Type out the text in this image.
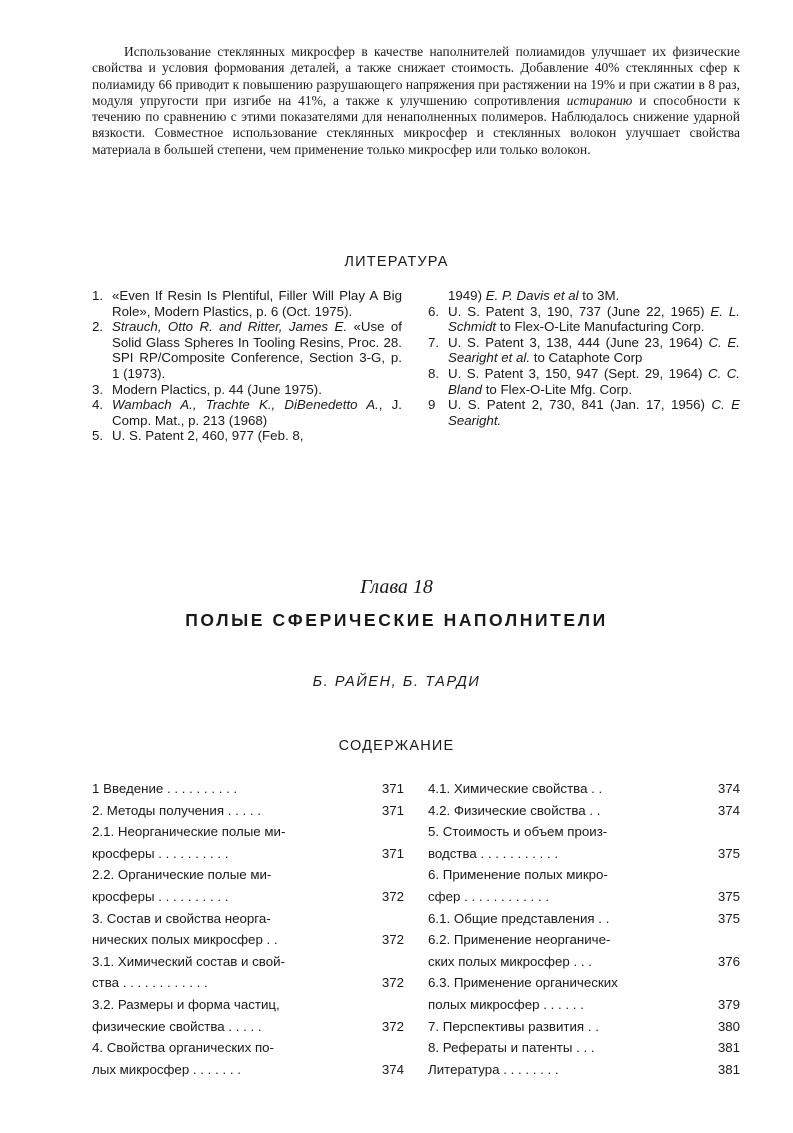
Использование стеклянных микросфер в качестве наполнителей полиамидов улучшает их физические свойства и условия формования деталей, а также снижает стоимость. Добавление 40% стеклянных сфер к полиамиду 66 приводит к повышению разрушающего напряжения при растяжении на 19% и при сжатии в 8 раз, модуля упругости при изгибе на 41%, а также к улучшению сопротивления истиранию и способности к течению по сравнению с этими показателями для ненаполненных полимеров. Наблюдалось снижение ударной вязкости. Совместное использование стеклянных микросфер и стеклянных волокон улучшает свойства материала в большей степени, чем применение только микросфер или только волокон.
ЛИТЕРАТУРА
1. «Even If Resin Is Plentiful, Filler Will Play A Big Role», Modern Plastics, p. 6 (Oct. 1975).
2. Strauch, Otto R. and Ritter, James E. «Use of Solid Glass Spheres In Tooling Resins, Proc. 28. SPI RP/Composite Conference, Section 3-G, p. 1 (1973).
3. Modern Plactics, p. 44 (June 1975).
4. Wambach A., Trachte K., DiBenedetto A., J. Comp. Mat., p. 213 (1968)
5. U. S. Patent 2, 460, 977 (Feb. 8,
1949) E. P. Davis et al to 3M.
6. U. S. Patent 3, 190, 737 (June 22, 1965) E. L. Schmidt to Flex-O-Lite Manufacturing Corp.
7. U. S. Patent 3, 138, 444 (June 23, 1964) C. E. Searight et al. to Cataphote Corp
8. U. S. Patent 3, 150, 947 (Sept. 29, 1964) C. C. Bland to Flex-O-Lite Mfg. Corp.
9 U. S. Patent 2, 730, 841 (Jan. 17, 1956) C. E Searight.
Глава 18
ПОЛЫЕ СФЕРИЧЕСКИЕ НАПОЛНИТЕЛИ
Б. РАЙЕН, Б. ТАРДИ
СОДЕРЖАНИЕ
1 Введение . . . . . . . . . .	371
2. Методы получения . . . . .	371
2.1. Неорганические полые ми-
кросферы . . . . . . . . . .	371
2.2. Органические полые ми-
кросферы . . . . . . . . . .	372
3. Состав и свойства неорга-
нических полых микросфер . .	372
3.1. Химический состав и свой-
ства . . . . . . . . . . . .	372
3.2. Размеры и форма частиц,
физические свойства . . . . .	372
4. Свойства органических по-
лых микросфер . . . . . . .	374
4.1. Химические свойства . .	374
4.2. Физические свойства . .	374
5. Стоимость и объем произ-
водства . . . . . . . . . . .	375
6. Применение полых микро-
сфер . . . . . . . . . . . .	375
6.1. Общие представления . .	375
6.2. Применение неорганиче-
ских полых микросфер . . .	376
6.3. Применение органических
полых микросфер . . . . . .	379
7. Перспективы развития . .	380
8. Рефераты и патенты . . .	381
Литература . . . . . . . .	381
